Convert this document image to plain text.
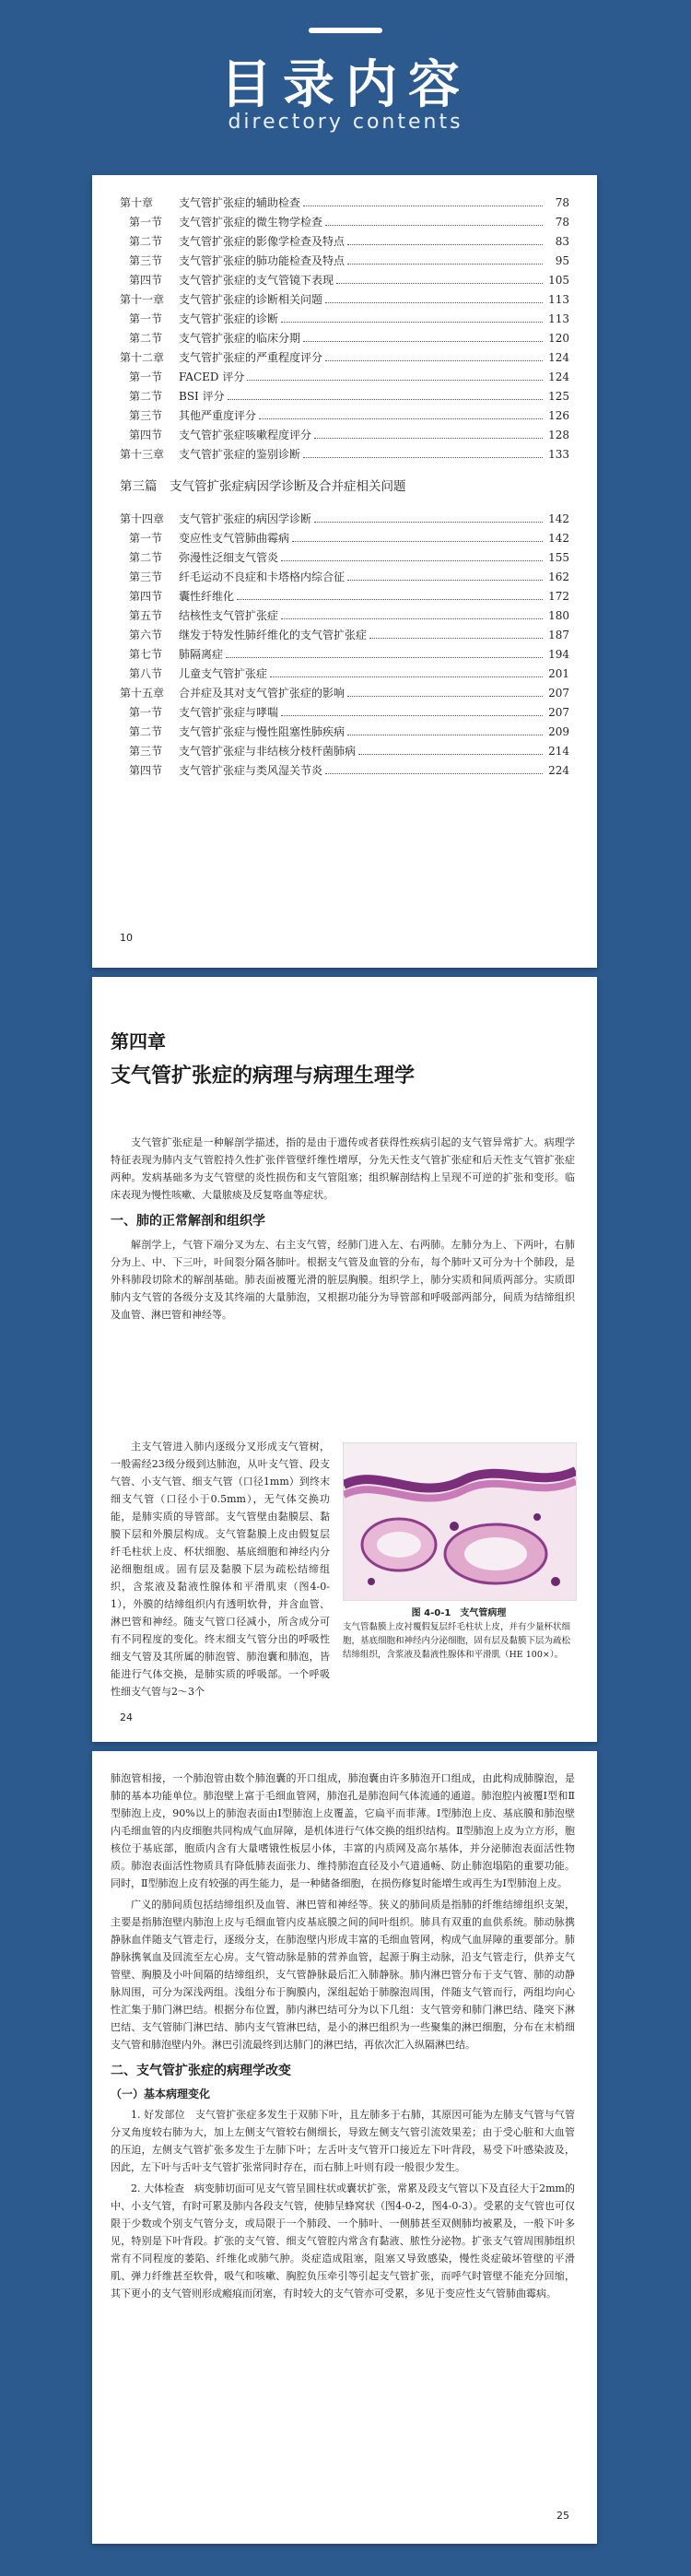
目录内容
directory contents
第十章	支气管扩张症的辅助检查	78
第一节	支气管扩张症的微生物学检查	78
第二节	支气管扩张症的影像学检查及特点	83
第三节	支气管扩张症的肺功能检查及特点	95
第四节	支气管扩张症的支气管镜下表现	105
第十一章	支气管扩张症的诊断相关问题	113
第一节	支气管扩张症的诊断	113
第二节	支气管扩张症的临床分期	120
第十二章	支气管扩张症的严重程度评分	124
第一节	FACED 评分	124
第二节	BSI 评分	125
第三节	其他严重度评分	126
第四节	支气管扩张症咳嗽程度评分	128
第十三章	支气管扩张症的鉴别诊断	133
第三篇　支气管扩张症病因学诊断及合并症相关问题
第十四章	支气管扩张症的病因学诊断	142
第一节	变应性支气管肺曲霉病	142
第二节	弥漫性泛细支气管炎	155
第三节	纤毛运动不良症和卡塔格内综合征	162
第四节	囊性纤维化	172
第五节	结核性支气管扩张症	180
第六节	继发于特发性肺纤维化的支气管扩张症	187
第七节	肺隔离症	194
第八节	儿童支气管扩张症	201
第十五章	合并症及其对支气管扩张症的影响	207
第一节	支气管扩张症与哮喘	207
第二节	支气管扩张症与慢性阻塞性肺疾病	209
第三节	支气管扩张症与非结核分枝杆菌肺病	214
第四节	支气管扩张症与类风湿关节炎	224
10
第四章
支气管扩张症的病理与病理生理学

支气管扩张症是一种解剖学描述，指的是由于遗传或者获得性疾病引起的支气管异常扩大。病理学特征表现为肺内支气管腔持久性扩张伴管壁纤维性增厚，分先天性支气管扩张症和后天性支气管扩张症两种。发病基础多为支气管壁的炎性损伤和支气管阻塞；组织解剖结构上呈现不可逆的扩张和变形。临床表现为慢性咳嗽、大量脓痰及反复咯血等症状。

一、肺的正常解剖和组织学

解剖学上，气管下端分叉为左、右主支气管，经肺门进入左、右两肺。左肺分为上、下两叶，右肺分为上、中、下三叶，叶间裂分隔各肺叶。根据支气管及血管的分布，每个肺叶又可分为十个肺段，是外科肺段切除术的解剖基础。肺表面被覆光滑的脏层胸膜。组织学上，肺分实质和间质两部分。实质即肺内支气管的各级分支及其终端的大量肺泡，又根据功能分为导管部和呼吸部两部分，间质为结缔组织及血管、淋巴管和神经等。

主支气管进入肺内逐级分叉形成支气管树，一般需经23级分级到达肺泡，从叶支气管、段支气管、小支气管、细支气管（口径1mm）到终末细支气管（口径小于0.5mm），无气体交换功能，是肺实质的导管部。支气管壁由黏膜层、黏膜下层和外膜层构成。支气管黏膜上皮由假复层纤毛柱状上皮、杯状细胞、基底细胞和神经内分泌细胞组成。固有层及黏膜下层为疏松结缔组织，含浆液及黏液性腺体和平滑肌束（图4-0-1），外膜的结缔组织内有透明软骨，并含血管、淋巴管和神经。随支气管口径减小，所含成分可有不同程度的变化。终末细支气管分出的呼吸性细支气管及其所属的肺泡管、肺泡囊和肺泡，皆能进行气体交换，是肺实质的呼吸部。一个呼吸性细支气管与2～3个

图 4-0-1　支气管病理
支气管黏膜上皮衬覆假复层纤毛柱状上皮，并有少量杯状细胞，基底细胞和神经内分泌细胞，固有层及黏膜下层为疏松结缔组织，含浆液及黏液性腺体和平滑肌（HE 100×）。
24

肺泡管相接，一个肺泡管由数个肺泡囊的开口组成，肺泡囊由许多肺泡开口组成，由此构成肺腺泡，是肺的基本功能单位。肺泡壁上富于毛细血管网，肺泡孔是肺泡间气体流通的通道。肺泡腔内被覆Ⅰ型和Ⅱ型肺泡上皮，90%以上的肺泡表面由Ⅰ型肺泡上皮覆盖，它扁平而菲薄。Ⅰ型肺泡上皮、基底膜和肺泡壁内毛细血管的内皮细胞共同构成气血屏障，是机体进行气体交换的组织结构。Ⅱ型肺泡上皮为立方形，胞核位于基底部，胞质内含有大量嗜锇性板层小体，丰富的内质网及高尔基体，并分泌肺泡表面活性物质。肺泡表面活性物质具有降低肺表面张力、维持肺泡直径及小气道通畅、防止肺泡塌陷的重要功能。同时，Ⅱ型肺泡上皮有较强的再生能力，是一种储备细胞，在损伤修复时能增生或再生为Ⅰ型肺泡上皮。

广义的肺间质包括结缔组织及血管、淋巴管和神经等。狭义的肺间质是指肺的纤维结缔组织支架，主要是指肺泡壁内肺泡上皮与毛细血管内皮基底膜之间的间叶组织。肺具有双重的血供系统。肺动脉携静脉血伴随支气管走行，逐级分支，在肺泡壁内形成丰富的毛细血管网，构成气血屏障的重要部分。肺静脉携氧血及回流至左心房。支气管动脉是肺的营养血管，起源于胸主动脉，沿支气管走行，供养支气管壁、胸膜及小叶间隔的结缔组织，支气管静脉最后汇入肺静脉。肺内淋巴管分布于支气管、肺的动静脉周围，可分为深浅两组。浅组分布于胸膜内，深组起始于肺腺泡周围，伴随支气管而行，两组均向心性汇集于肺门淋巴结。根据分布位置，肺内淋巴结可分为以下几组：支气管旁和肺门淋巴结、隆突下淋巴结、支气管肺门淋巴结、肺内支气管淋巴结，是小的淋巴组织为一些聚集的淋巴细胞，分布在末梢细支气管和肺泡壁内外。淋巴引流最终到达肺门的淋巴结，再依次汇入纵隔淋巴结。

二、支气管扩张症的病理学改变
（一）基本病理变化

1. 好发部位　支气管扩张症多发生于双肺下叶，且左肺多于右肺，其原因可能为左肺支气管与气管分叉角度较右肺为大，加上左侧支气管较右侧细长，导致左侧支气管引流效果差；由于受心脏和大血管的压迫，左侧支气管扩张多发生于左肺下叶；左舌叶支气管开口接近左下叶背段，易受下叶感染波及，因此，左下叶与舌叶支气管扩张常同时存在，而右肺上叶则有段一般很少发生。

2. 大体检查　病变肺切面可见支气管呈圆柱状或囊状扩张，常累及段支气管以下及直径大于2mm的中、小支气管，有时可累及肺内各段支气管，使肺呈蜂窝状（图4-0-2，图4-0-3）。受累的支气管也可仅限于少数或个别支气管分支，或局限于一个肺段、一个肺叶、一侧肺甚至双侧肺均被累及，一般下叶多见，特别是下叶背段。扩张的支气管、细支气管腔内常含有黏液、脓性分泌物。扩张支气管周围肺组织常有不同程度的萎陷、纤维化或肺气肿。炎症造成阻塞，阻塞又导致感染，慢性炎症破坏管壁的平滑肌、弹力纤维甚至软骨，吸气和咳嗽、胸腔负压牵引等引起支气管扩张，而呼气时管壁不能充分回缩，其下更小的支气管则形成瘢痕而闭塞，有时较大的支气管亦可受累，多见于变应性支气管肺曲霉病。

25
